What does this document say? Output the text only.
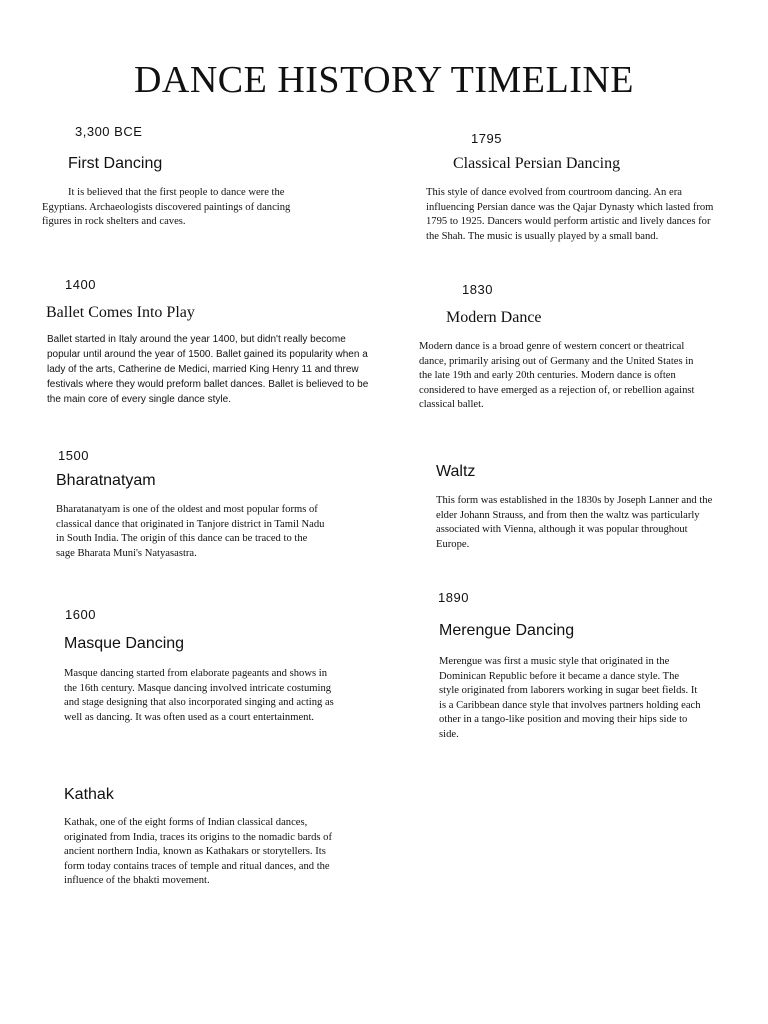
DANCE HISTORY TIMELINE
3,300 BCE
First Dancing
It is believed that the first people to dance were the Egyptians. Archaeologists discovered paintings of dancing figures in rock shelters and caves.
1795
Classical Persian Dancing
This style of dance evolved from courtroom dancing. An era influencing Persian dance was the Qajar Dynasty which lasted from 1795 to 1925. Dancers would perform artistic and lively dances for the Shah. The music is usually played by a small band.
1400
Ballet Comes Into Play
Ballet started in Italy around the year 1400, but didn't really become popular until around the year of 1500. Ballet gained its popularity when a lady of the arts, Catherine de Medici, married King Henry 11 and threw festivals where they would preform ballet dances. Ballet is believed to be the main core of every single dance style.
1830
Modern Dance
Modern dance is a broad genre of western concert or theatrical dance, primarily arising out of Germany and the United States in the late 19th and early 20th centuries. Modern dance is often considered to have emerged as a rejection of, or rebellion against classical ballet.
1500
Bharatnatyam
Bharatanatyam is one of the oldest and most popular forms of classical dance that originated in Tanjore district in Tamil Nadu in South India. The origin of this dance can be traced to the sage Bharata Muni's Natyasastra.
Waltz
This form was established in the 1830s by Joseph Lanner and the elder Johann Strauss, and from then the waltz was particularly associated with Vienna, although it was popular throughout Europe.
1600
Masque Dancing
Masque dancing started from elaborate pageants and shows in the 16th century. Masque dancing involved intricate costuming and stage designing that also incorporated singing and acting as well as dancing. It was often used as a court entertainment.
1890
Merengue Dancing
Merengue was first a music style that originated in the Dominican Republic before it became a dance style. The style originated from laborers working in sugar beet fields. It is a Caribbean dance style that involves partners holding each other in a tango-like position and moving their hips side to side.
Kathak
Kathak, one of the eight forms of Indian classical dances, originated from India, traces its origins to the nomadic bards of ancient northern India, known as Kathakars or storytellers. Its form today contains traces of temple and ritual dances, and the influence of the bhakti movement.
